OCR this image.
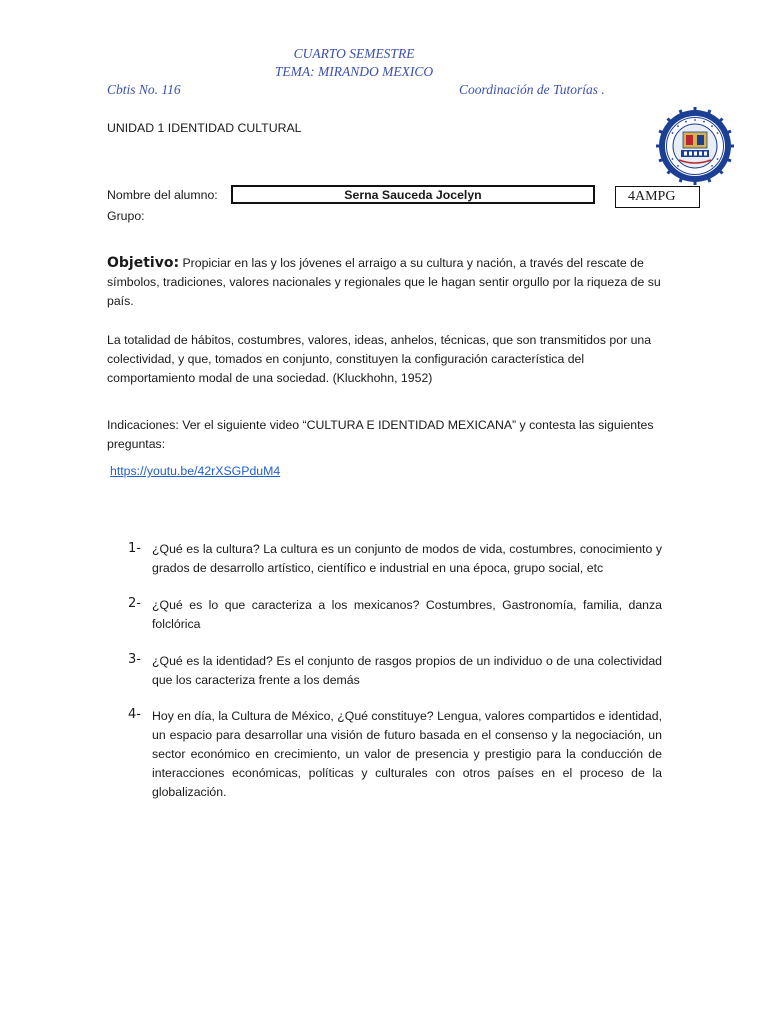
CUARTO SEMESTRE
TEMA: MIRANDO MEXICO
Cbtis No. 116	Coordinación de Tutorías .
UNIDAD 1 IDENTIDAD CULTURAL
Nombre del alumno:	Serna Sauceda Jocelyn	4AMPG
Grupo:
Objetivo: Propiciar en las y los jóvenes el arraigo a su cultura y nación, a través del rescate de símbolos, tradiciones, valores nacionales y regionales que le hagan sentir orgullo por la riqueza de su país.
La totalidad de hábitos, costumbres, valores, ideas, anhelos, técnicas, que son transmitidos por una colectividad, y que, tomados en conjunto, constituyen la configuración característica del comportamiento modal de una sociedad. (Kluckhohn, 1952)
Indicaciones: Ver el siguiente video “CULTURA E IDENTIDAD MEXICANA” y contesta las siguientes preguntas:
https://youtu.be/42rXSGPduM4
1- ¿Qué es la cultura? La cultura es un conjunto de modos de vida, costumbres, conocimiento y grados de desarrollo artístico, científico e industrial en una época, grupo social, etc
2- ¿Qué es lo que caracteriza a los mexicanos? Costumbres, Gastronomía, familia, danza folclórica
3- ¿Qué es la identidad? Es el conjunto de rasgos propios de un individuo o de una colectividad que los caracteriza frente a los demás
4- Hoy en día, la Cultura de México, ¿Qué constituye? Lengua, valores compartidos e identidad, un espacio para desarrollar una visión de futuro basada en el consenso y la negociación, un sector económico en crecimiento, un valor de presencia y prestigio para la conducción de interacciones económicas, políticas y culturales con otros países en el proceso de la globalización.
